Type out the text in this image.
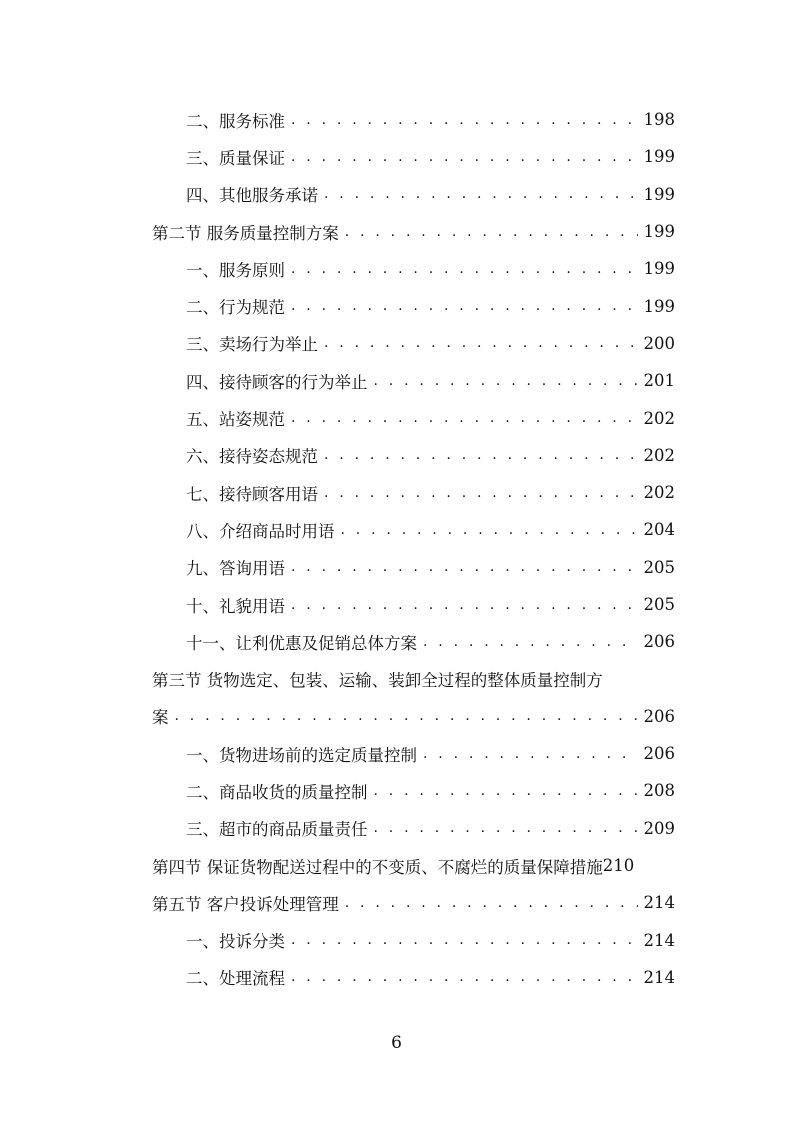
二、服务标准 . . .	198
三、质量保证 . . .	199
四、其他服务承诺 . . .	199
第二节 服务质量控制方案 . . .	199
一、服务原则 . . .	199
二、行为规范 . . .	199
三、卖场行为举止 . . .	200
四、接待顾客的行为举止 . . .	201
五、站姿规范 . . .	202
六、接待姿态规范 . . .	202
七、接待顾客用语 . . .	202
八、介绍商品时用语 . . .	204
九、答询用语 . . .	205
十、礼貌用语 . . .	205
十一、让利优惠及促销总体方案 . . .	206
第三节 货物选定、包装、运输、装卸全过程的整体质量控制方
案 . . .	206
一、货物进场前的选定质量控制 . . .	206
二、商品收货的质量控制 . . .	208
三、超市的商品质量责任 . . .	209
第四节 保证货物配送过程中的不变质、不腐烂的质量保障措施 210
第五节 客户投诉处理管理 . . .	214
一、投诉分类 . . .	214
二、处理流程 . . .	214
6
